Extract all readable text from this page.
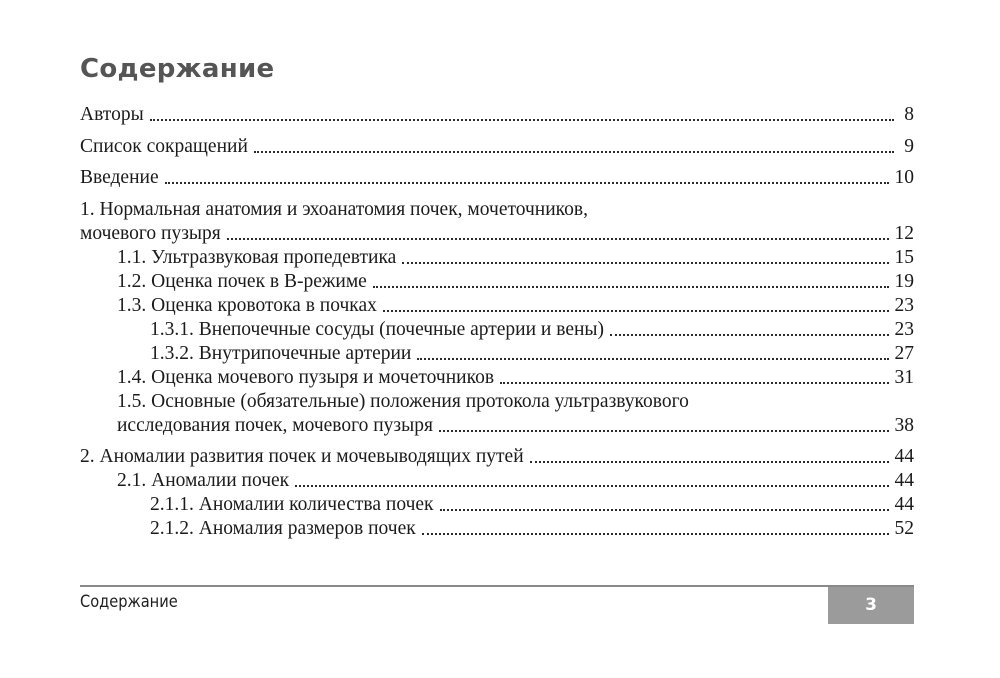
Содержание
Авторы	8
Список сокращений	9
Введение	10
1. Нормальная анатомия и эхоанатомия почек, мочеточников,
мочевого пузыря	12
1.1. Ультразвуковая пропедевтика	15
1.2. Оценка почек в В-режиме	19
1.3. Оценка кровотока в почках	23
1.3.1. Внепочечные сосуды (почечные артерии и вены)	23
1.3.2. Внутрипочечные артерии	27
1.4. Оценка мочевого пузыря и мочеточников	31
1.5. Основные (обязательные) положения протокола ультразвукового
исследования почек, мочевого пузыря	38
2. Аномалии развития почек и мочевыводящих путей	44
2.1. Аномалии почек	44
2.1.1. Аномалии количества почек	44
2.1.2. Аномалия размеров почек	52
Содержание	3
